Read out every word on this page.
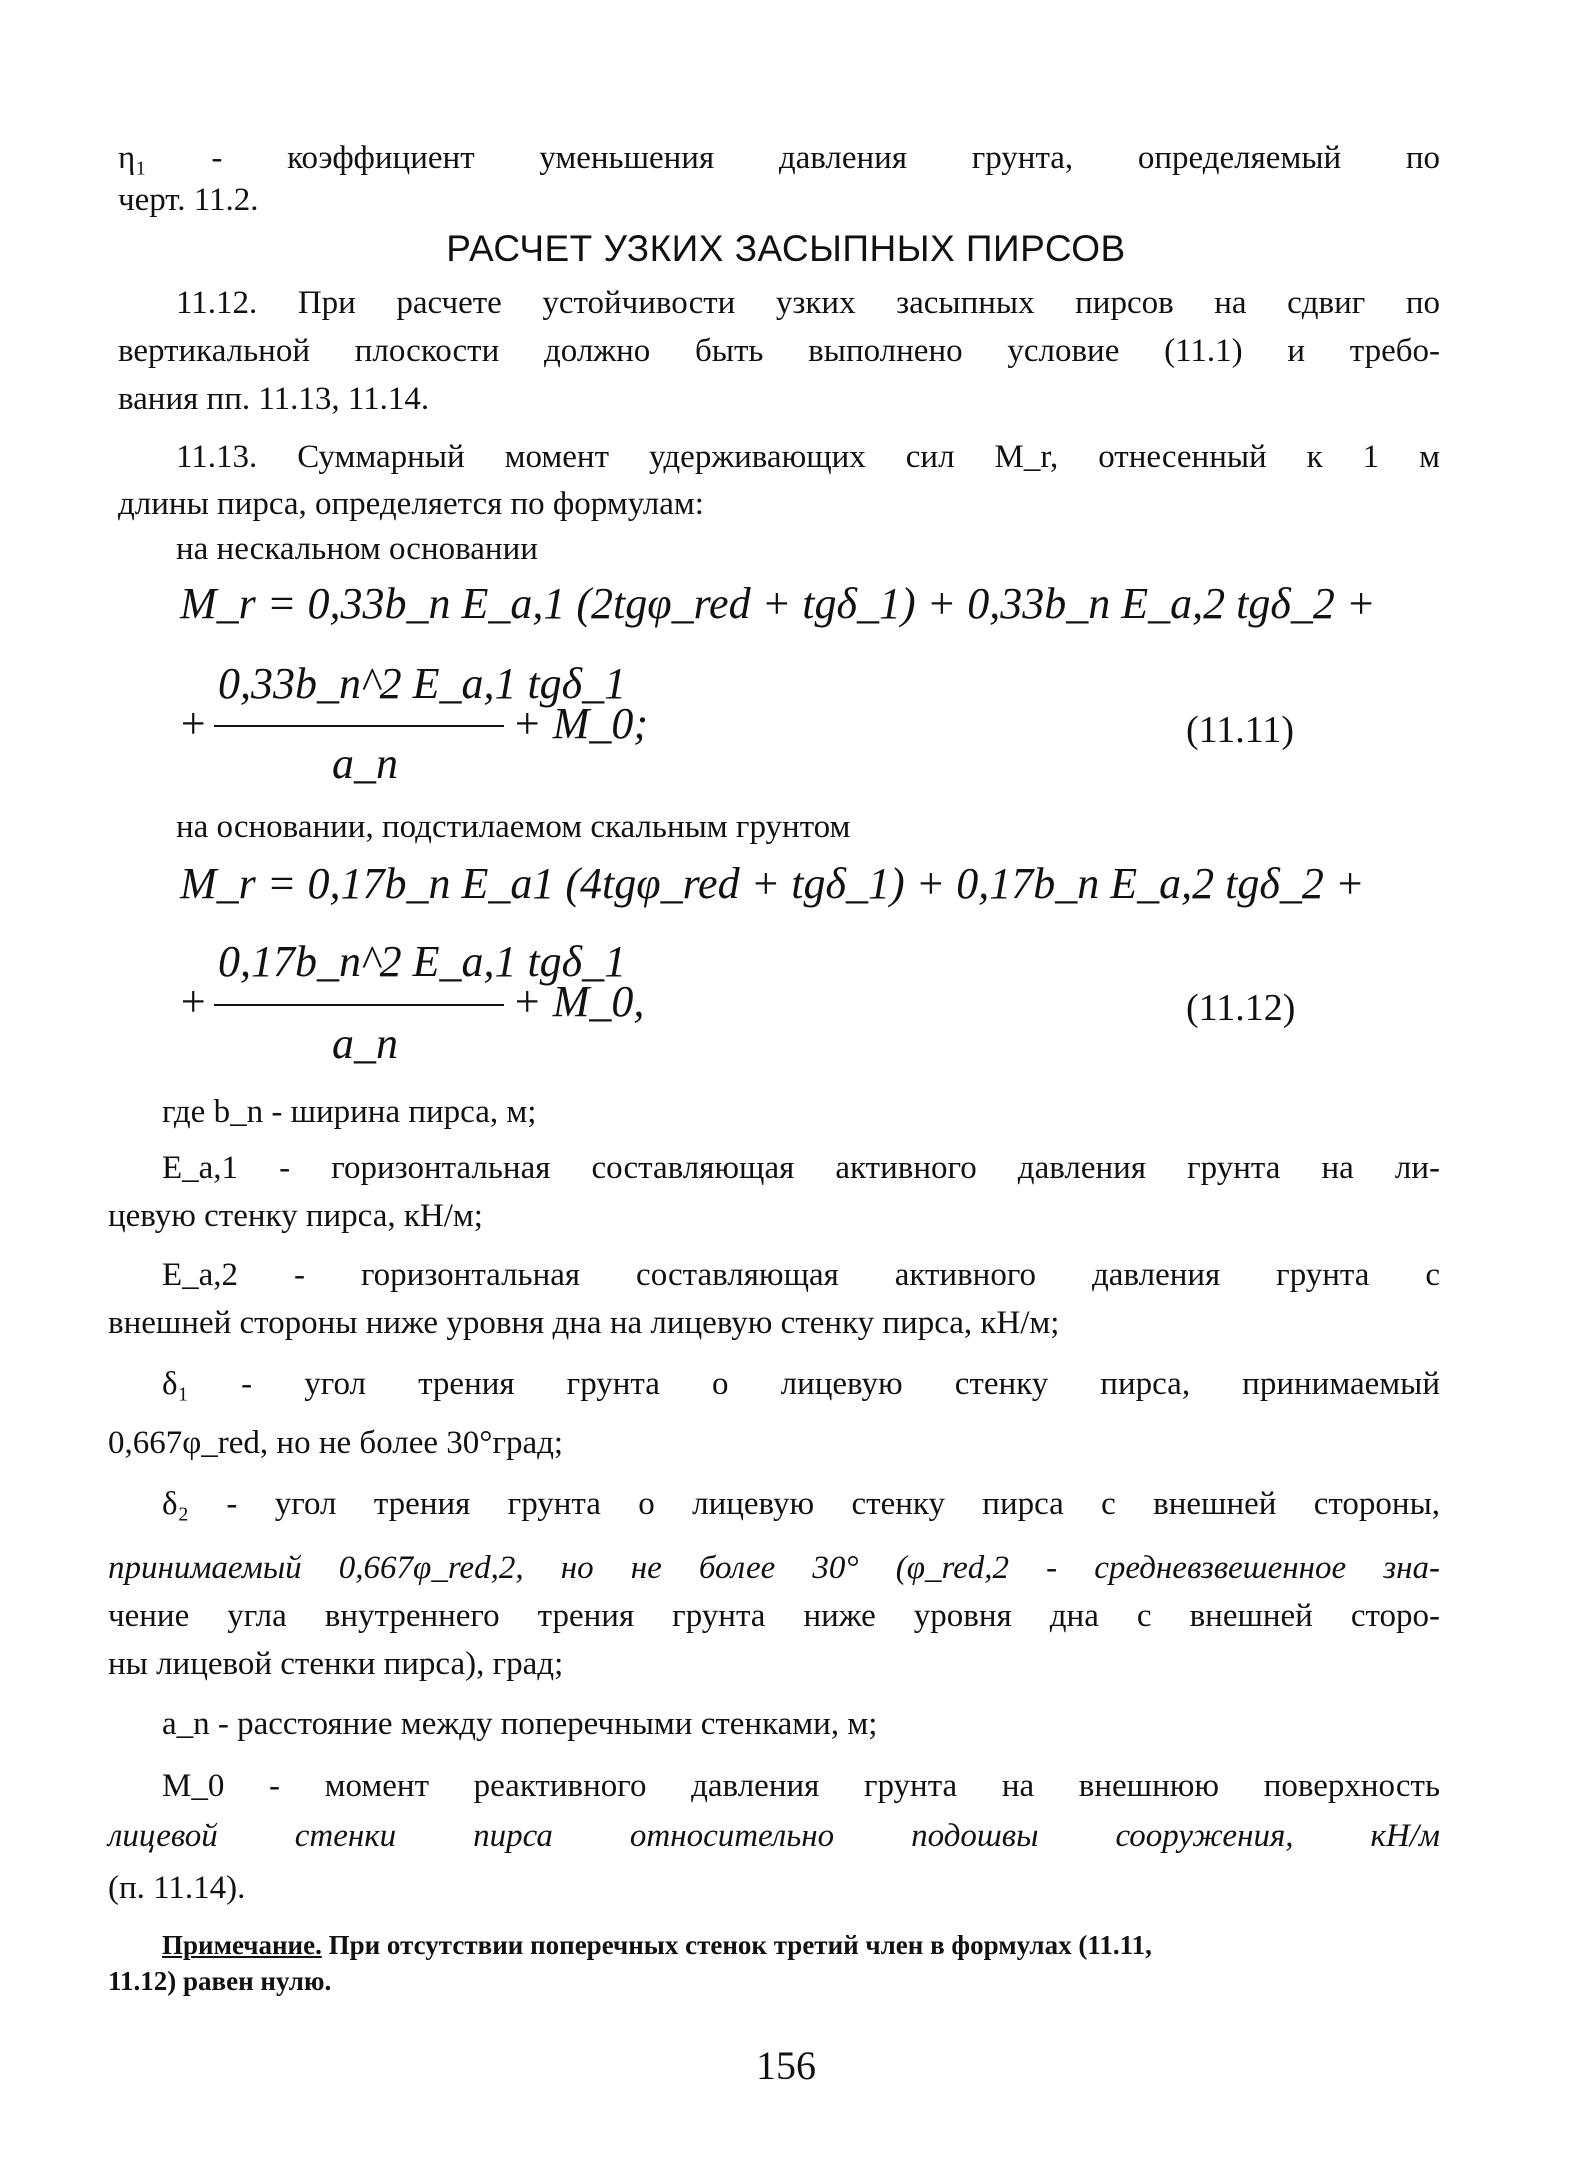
η₁ - коэффициент уменьшения давления грунта, определяемый по
черт. 11.2.
РАСЧЕТ УЗКИХ ЗАСЫПНЫХ ПИРСОВ
11.12. При расчете устойчивости узких засыпных пирсов на сдвиг по
вертикальной плоскости должно быть выполнено условие (11.1) и требо-
вания пп. 11.13, 11.14.
11.13. Суммарный момент удерживающих сил M_r, отнесенный к 1 м
длины пирса, определяется по формулам:
на нескальном основании
M_r = 0,33b_n E_a,1 (2tgφ_red + tgδ_1) + 0,33b_n E_a,2 tgδ_2 +
+
0,33b_n^2 E_a,1 tgδ_1
a_n
+ M_0;	(11.11)
на основании, подстилаемом скальным грунтом
M_r = 0,17b_n E_a1 (4tgφ_red + tgδ_1) + 0,17b_n E_a,2 tgδ_2 +
+
0,17b_n^2 E_a,1 tgδ_1
a_n
+ M_0,	(11.12)
где b_n - ширина пирса, м;
E_a,1 - горизонтальная составляющая активного давления грунта на ли-
цевую стенку пирса, кН/м;
E_a,2 - горизонтальная составляющая активного давления грунта с
внешней стороны ниже уровня дна на лицевую стенку пирса, кН/м;
δ₁ - угол трения грунта о лицевую стенку пирса, принимаемый
0,667φ_red, но не более 30°град;
δ₂ - угол трения грунта о лицевую стенку пирса с внешней стороны,
принимаемый 0,667φ_red,2, но не более 30° (φ_red,2 - средневзвешенное зна-
чение угла внутреннего трения грунта ниже уровня дна с внешней сторо-
ны лицевой стенки пирса), град;
a_n - расстояние между поперечными стенками, м;
M_0 - момент реактивного давления грунта на внешнюю поверхность
лицевой стенки пирса относительно подошвы сооружения, кН/м
(п. 11.14).
Примечание. При отсутствии поперечных стенок третий член в формулах (11.11,
11.12) равен нулю.
156
